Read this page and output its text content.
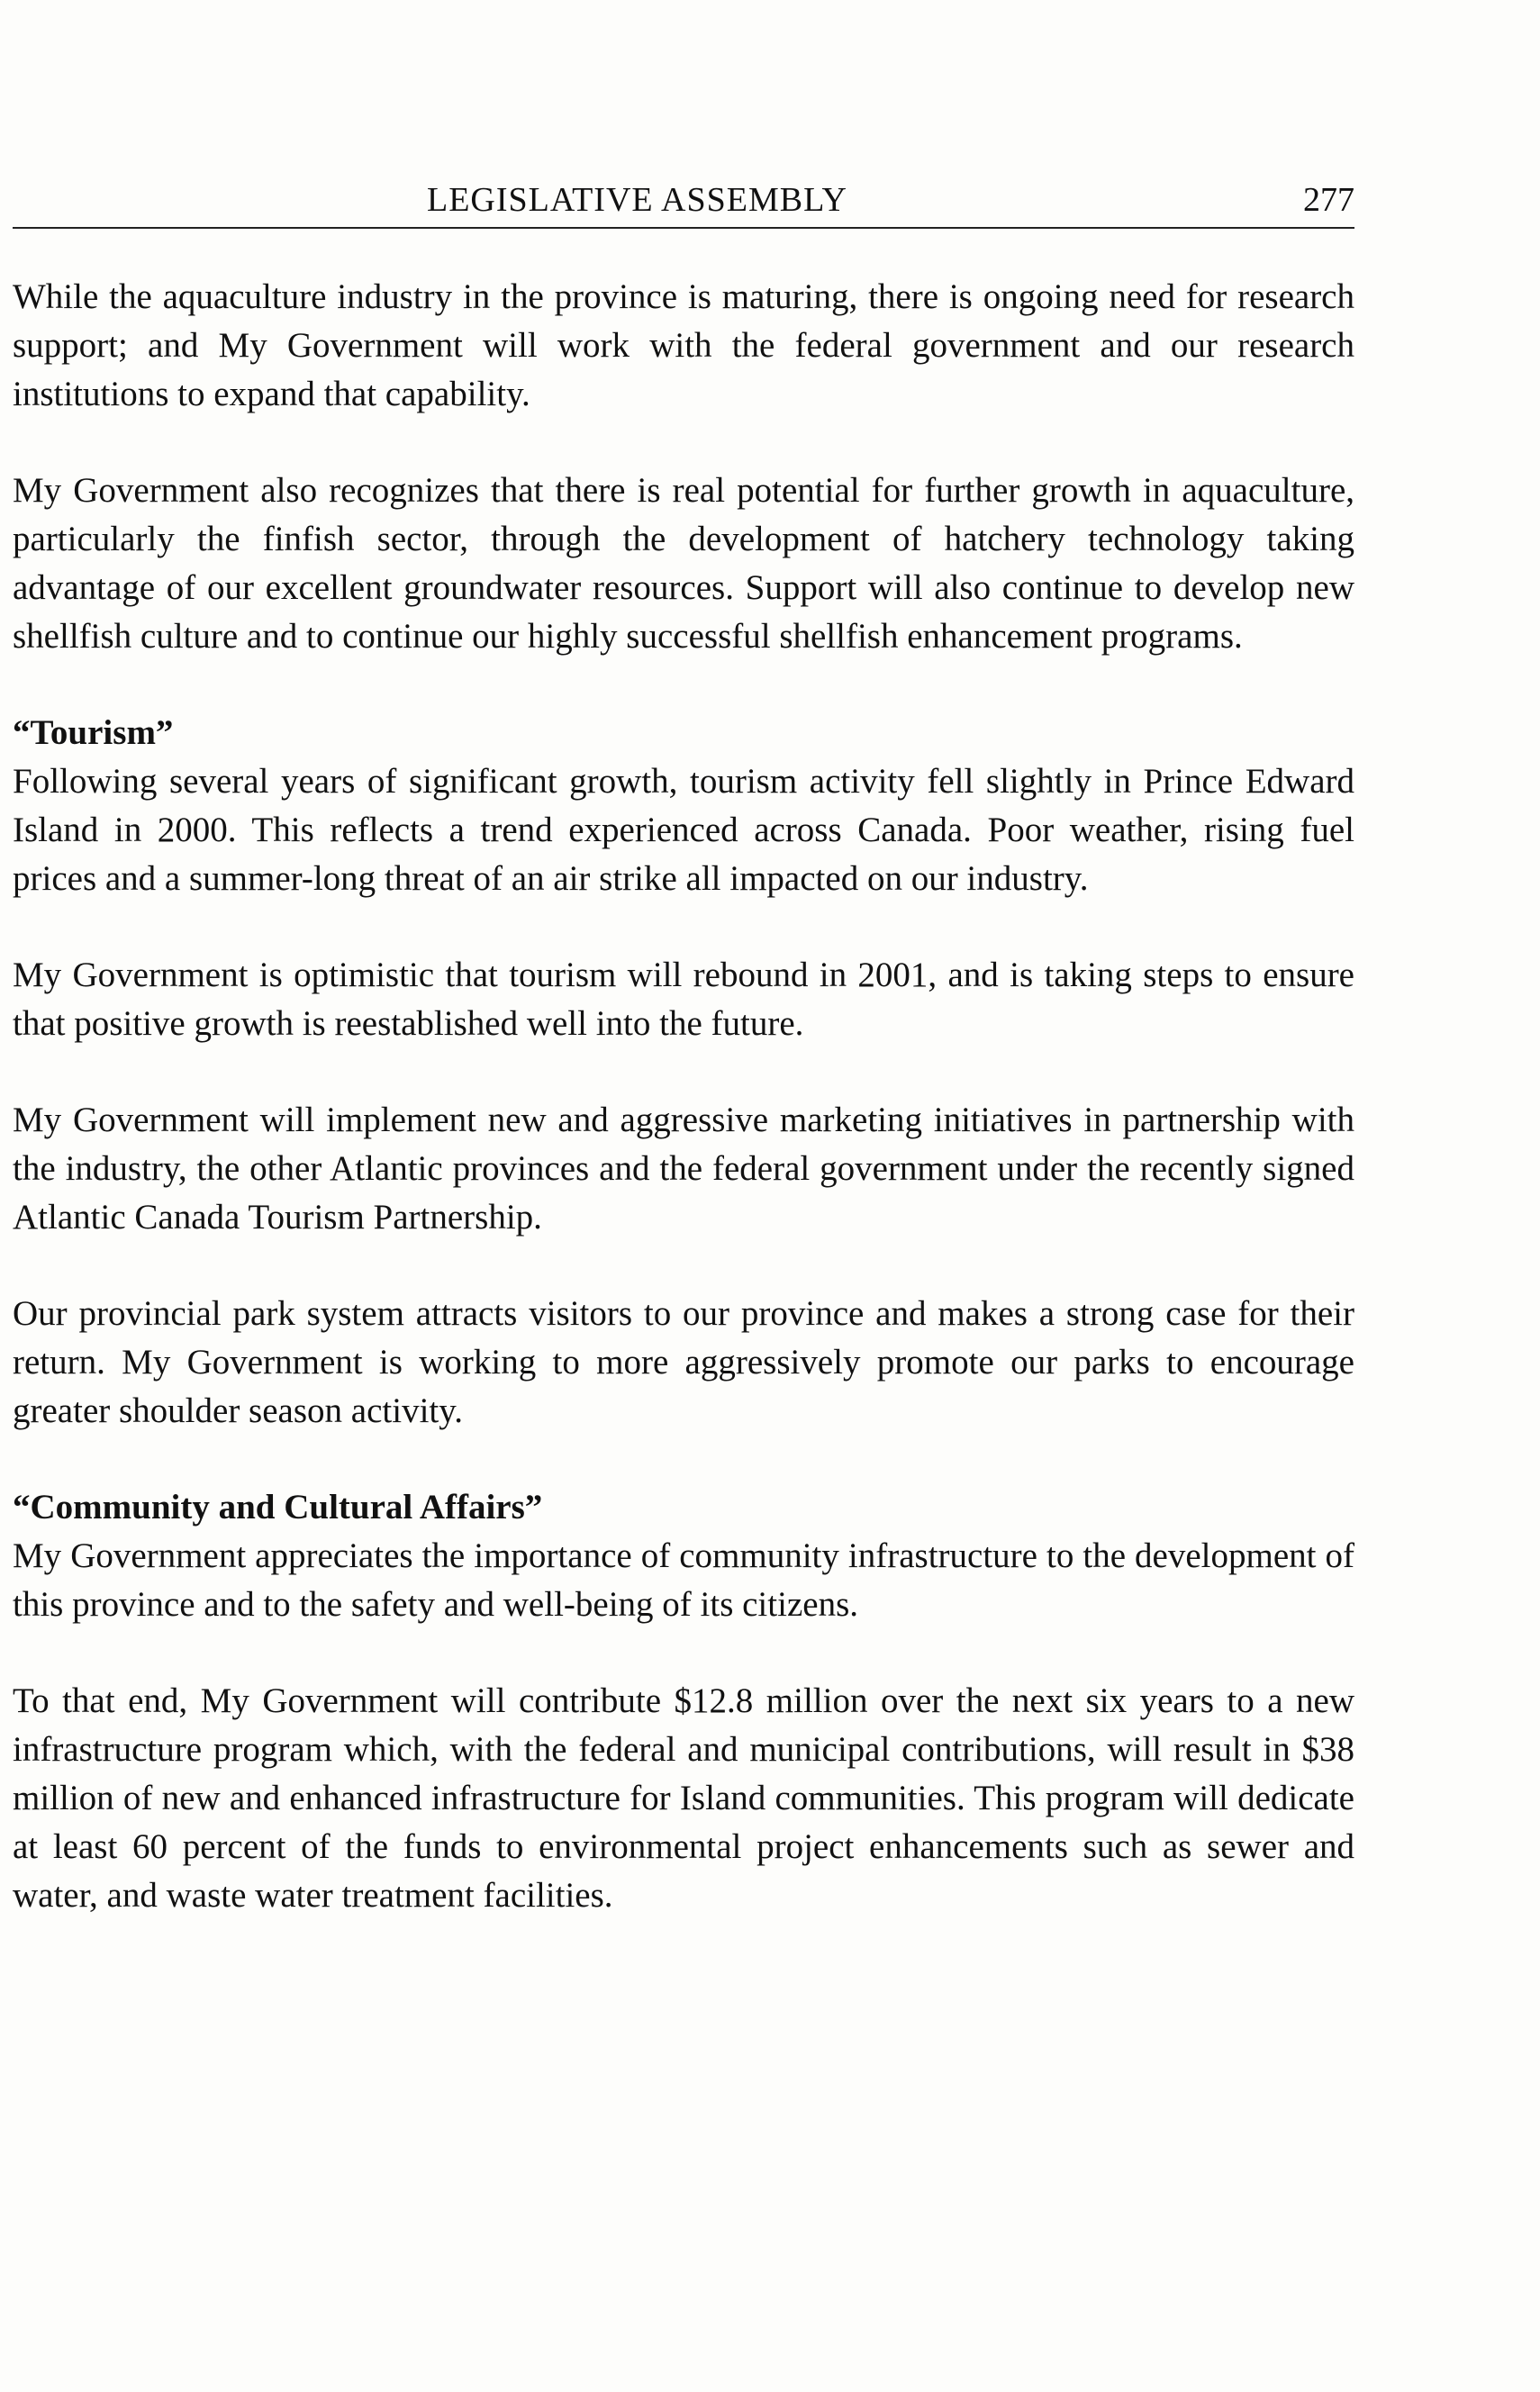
LEGISLATIVE ASSEMBLY	277

While the aquaculture industry in the province is maturing, there is ongoing need for research support; and My Government will work with the federal government and our research institutions to expand that capability.

My Government also recognizes that there is real potential for further growth in aquaculture, particularly the finfish sector, through the development of hatchery technology taking advantage of our excellent groundwater resources. Support will also continue to develop new shellfish culture and to continue our highly successful shellfish enhancement programs.

“Tourism”

Following several years of significant growth, tourism activity fell slightly in Prince Edward Island in 2000. This reflects a trend experienced across Canada. Poor weather, rising fuel prices and a summer-long threat of an air strike all impacted on our industry.

My Government is optimistic that tourism will rebound in 2001, and is taking steps to ensure that positive growth is reestablished well into the future.

My Government will implement new and aggressive marketing initiatives in partnership with the industry, the other Atlantic provinces and the federal government under the recently signed Atlantic Canada Tourism Partnership.

Our provincial park system attracts visitors to our province and makes a strong case for their return. My Government is working to more aggressively promote our parks to encourage greater shoulder season activity.

“Community and Cultural Affairs”

My Government appreciates the importance of community infrastructure to the development of this province and to the safety and well-being of its citizens.

To that end, My Government will contribute $12.8 million over the next six years to a new infrastructure program which, with the federal and municipal contributions, will result in $38 million of new and enhanced infrastructure for Island communities. This program will dedicate at least 60 percent of the funds to environmental project enhancements such as sewer and water, and waste water treatment facilities.
